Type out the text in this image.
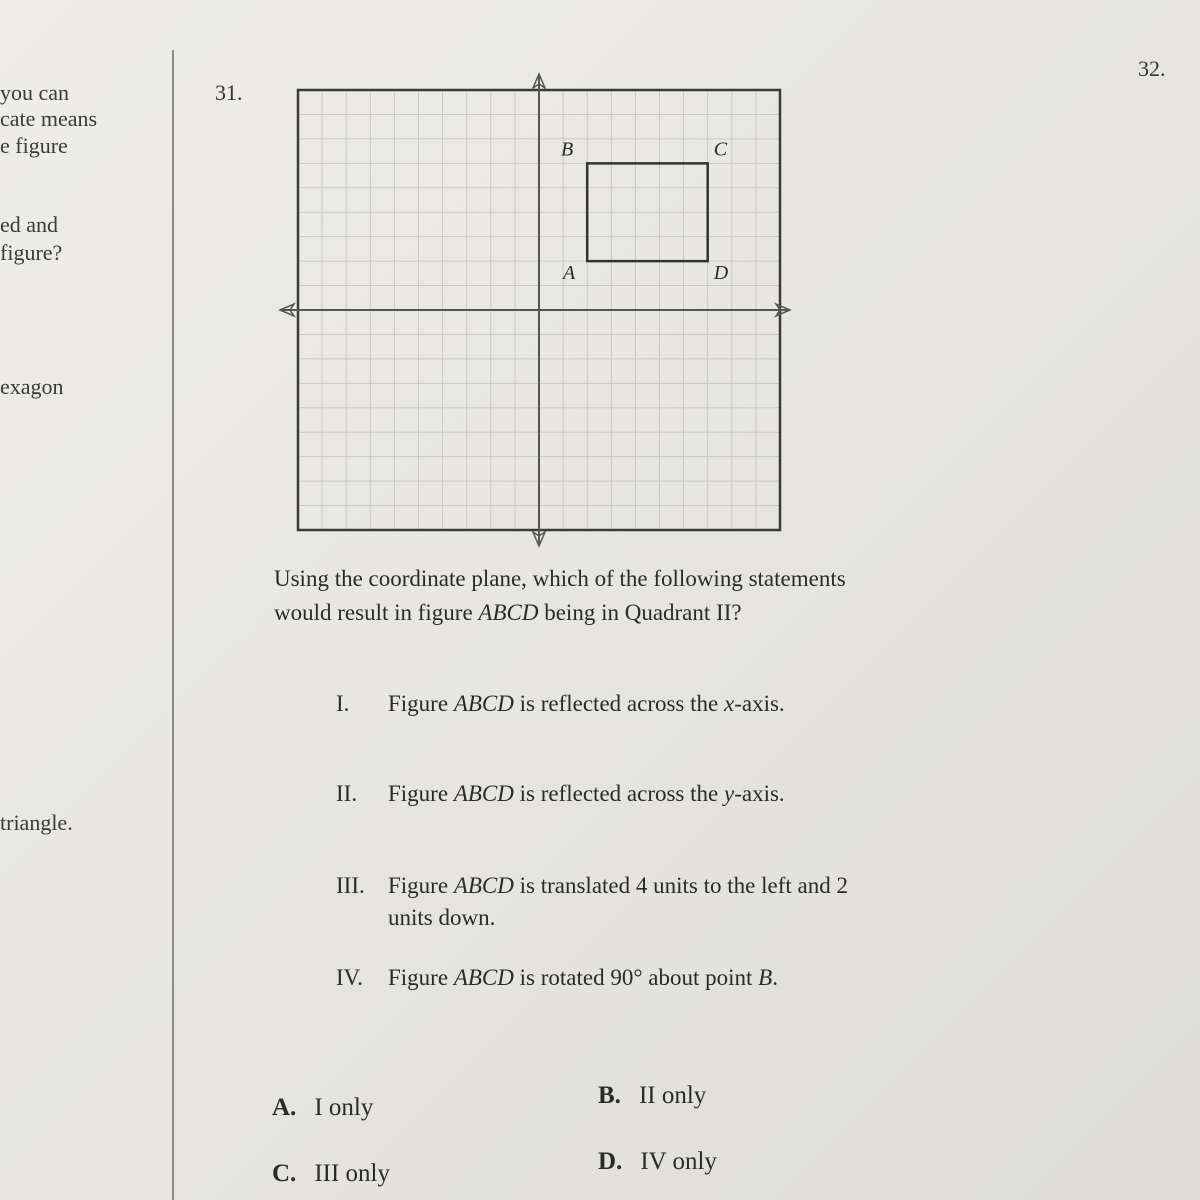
you can
cate means
e figure
ed and
figure?
exagon
triangle.
31.
32.
A
B	C
D
Using the coordinate plane, which of the following statements would result in figure ABCD being in Quadrant II?
I. Figure ABCD is reflected across the x-axis.
II. Figure ABCD is reflected across the y-axis.
III. Figure ABCD is translated 4 units to the left and 2 units down.
IV. Figure ABCD is rotated 90° about point B.
A. I only	B. II only
C. III only	D. IV only
